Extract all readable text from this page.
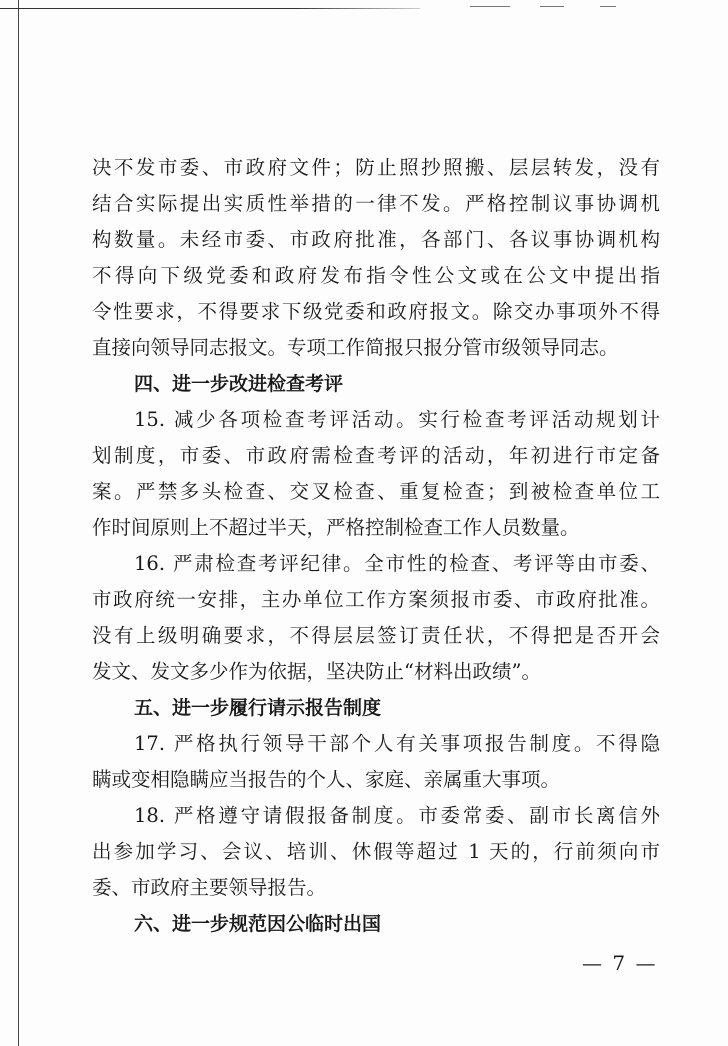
决不发市委、市政府文件；防止照抄照搬、层层转发，没有
结合实际提出实质性举措的一律不发。严格控制议事协调机
构数量。未经市委、市政府批准，各部门、各议事协调机构
不得向下级党委和政府发布指令性公文或在公文中提出指
令性要求，不得要求下级党委和政府报文。除交办事项外不得
直接向领导同志报文。专项工作简报只报分管市级领导同志。
四、进一步改进检查考评
15. 减少各项检查考评活动。实行检查考评活动规划计
划制度，市委、市政府需检查考评的活动，年初进行市定备
案。严禁多头检查、交叉检查、重复检查；到被检查单位工
作时间原则上不超过半天，严格控制检查工作人员数量。
16. 严肃检查考评纪律。全市性的检查、考评等由市委、
市政府统一安排，主办单位工作方案须报市委、市政府批准。
没有上级明确要求，不得层层签订责任状，不得把是否开会
发文、发文多少作为依据，坚决防止“材料出政绩”。
五、进一步履行请示报告制度
17. 严格执行领导干部个人有关事项报告制度。不得隐
瞒或变相隐瞒应当报告的个人、家庭、亲属重大事项。
18. 严格遵守请假报备制度。市委常委、副市长离信外
出参加学习、会议、培训、休假等超过 1 天的，行前须向市
委、市政府主要领导报告。
六、进一步规范因公临时出国
— 7 —
